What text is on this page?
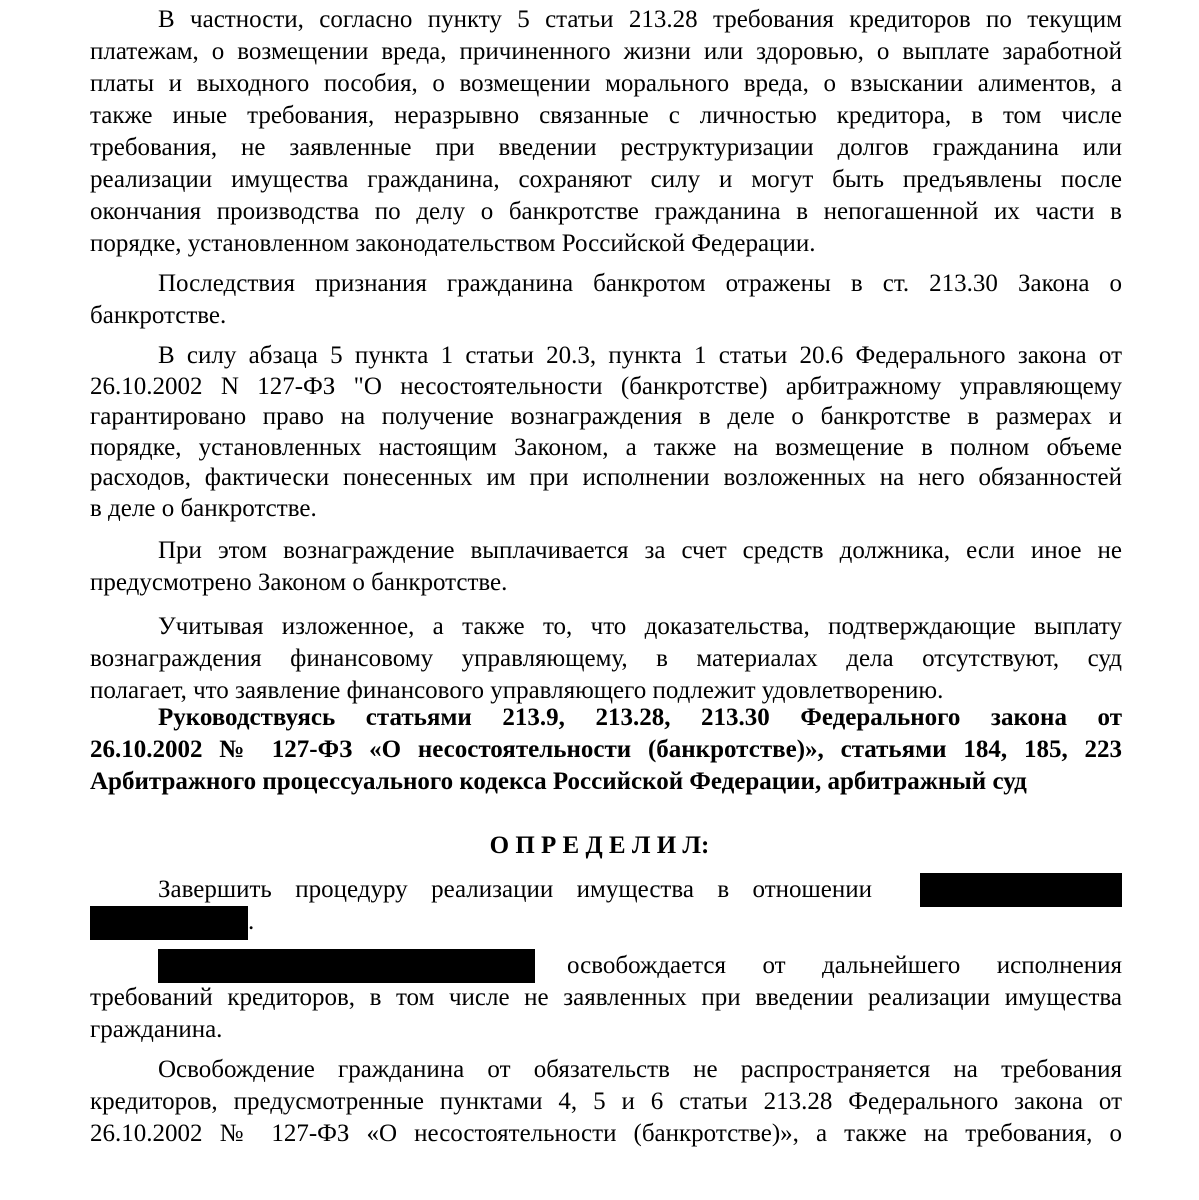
В частности, согласно пункту 5 статьи 213.28 требования кредиторов по текущим
платежам, о возмещении вреда, причиненного жизни или здоровью, о выплате заработной
платы и выходного пособия, о возмещении морального вреда, о взыскании алиментов, а
также иные требования, неразрывно связанные с личностью кредитора, в том числе
требования, не заявленные при введении реструктуризации долгов гражданина или
реализации имущества гражданина, сохраняют силу и могут быть предъявлены после
окончания производства по делу о банкротстве гражданина в непогашенной их части в
порядке, установленном законодательством Российской Федерации.
Последствия признания гражданина банкротом отражены в ст. 213.30 Закона о
банкротстве.
В силу абзаца 5 пункта 1 статьи 20.3, пункта 1 статьи 20.6 Федерального закона от
26.10.2002 N 127-ФЗ "О несостоятельности (банкротстве) арбитражному управляющему
гарантировано право на получение вознаграждения в деле о банкротстве в размерах и
порядке, установленных настоящим Законом, а также на возмещение в полном объеме
расходов, фактически понесенных им при исполнении возложенных на него обязанностей
в деле о банкротстве.
При этом вознаграждение выплачивается за счет средств должника, если иное не
предусмотрено Законом о банкротстве.
Учитывая изложенное, а также то, что доказательства, подтверждающие выплату
вознаграждения финансовому управляющему, в материалах дела отсутствуют, суд
полагает, что заявление финансового управляющего подлежит удовлетворению.
Руководствуясь статьями 213.9, 213.28, 213.30 Федерального закона от
26.10.2002 № 127-ФЗ «О несостоятельности (банкротстве)», статьями 184, 185, 223
Арбитражного процессуального кодекса Российской Федерации, арбитражный суд
О П Р Е Д Е Л И Л:
Завершить процедуру реализации имущества в отношении
.
освобождается от дальнейшего исполнения
требований кредиторов, в том числе не заявленных при введении реализации имущества
гражданина.
Освобождение гражданина от обязательств не распространяется на требования
кредиторов, предусмотренные пунктами 4, 5 и 6 статьи 213.28 Федерального закона от
26.10.2002 № 127-ФЗ «О несостоятельности (банкротстве)», а также на требования, о
